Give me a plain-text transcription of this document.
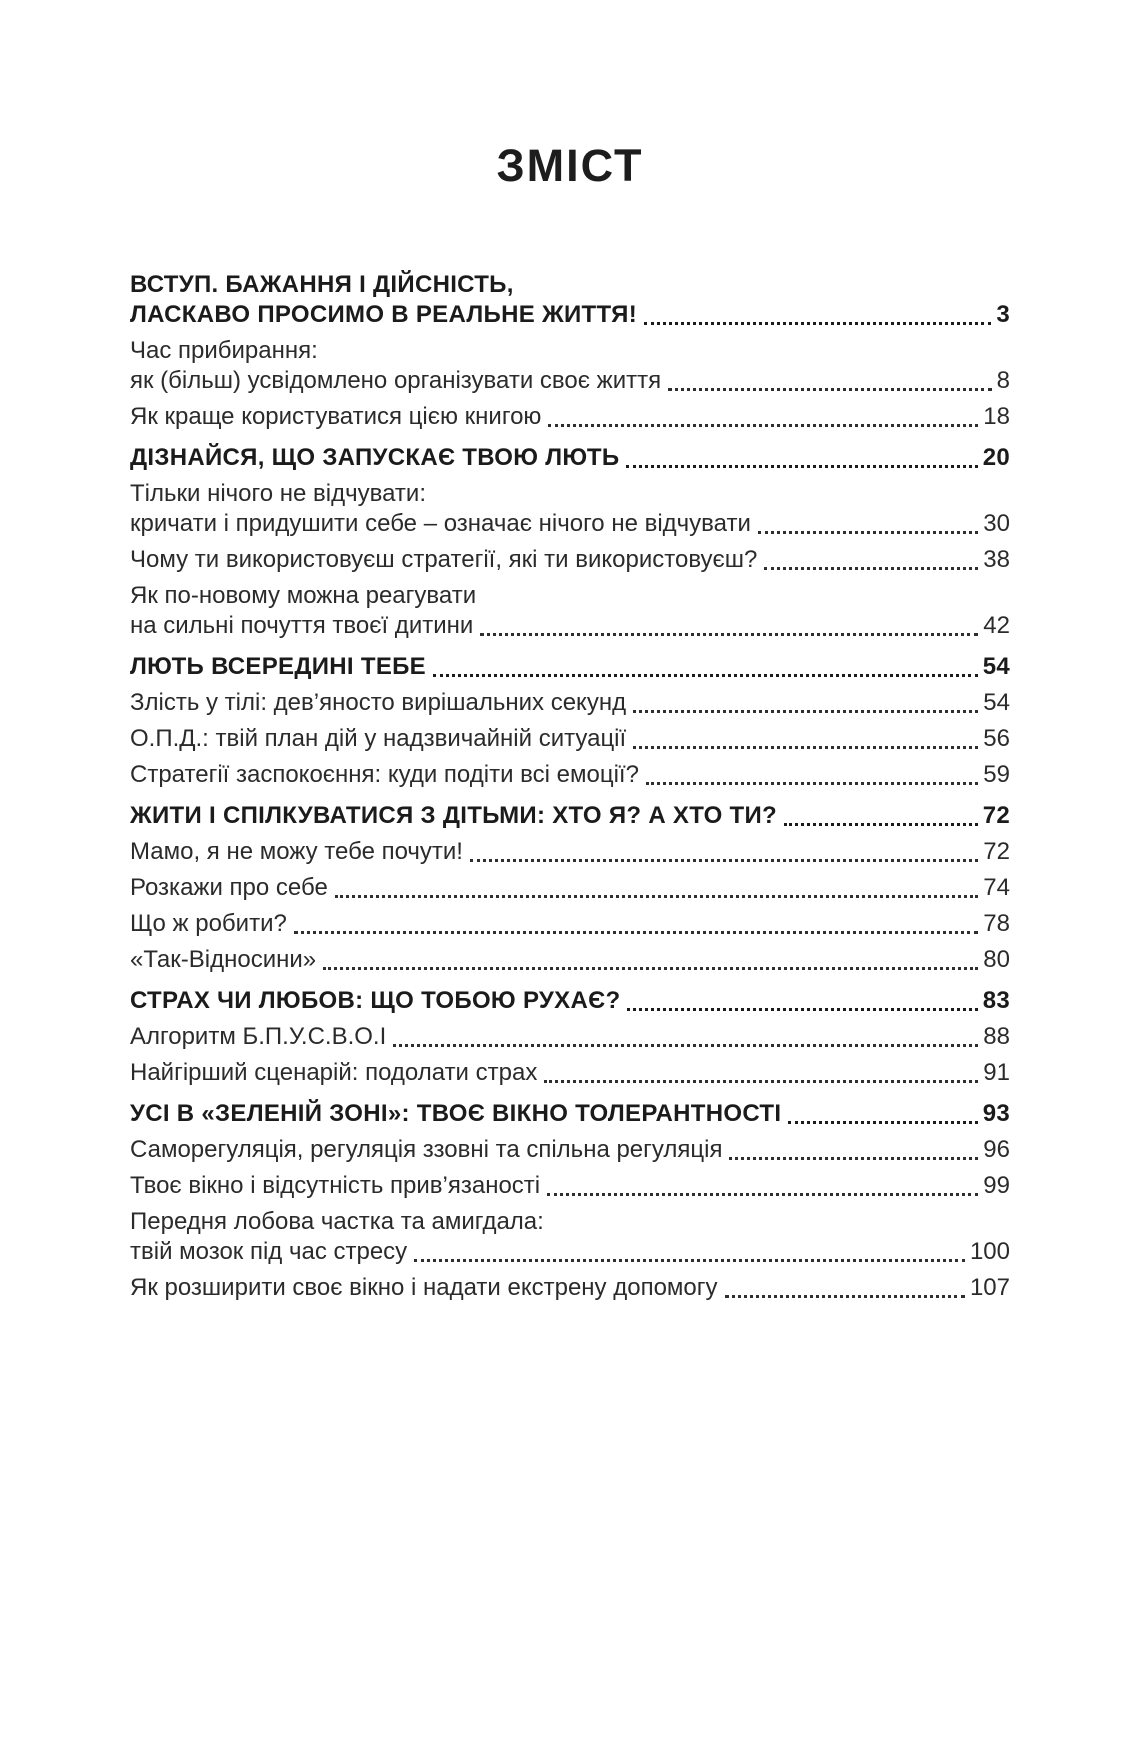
ЗМІСТ
ВСТУП. БАЖАННЯ І ДІЙСНІСТЬ,
ЛАСКАВО ПРОСИМО В РЕАЛЬНЕ ЖИТТЯ!	3
Час прибирання:
як (більш) усвідомлено організувати своє життя	8
Як краще користуватися цією книгою	18
ДІЗНАЙСЯ, ЩО ЗАПУСКАЄ ТВОЮ ЛЮТЬ	20
Тільки нічого не відчувати:
кричати і придушити себе – означає нічого не відчувати	30
Чому ти використовуєш стратегії, які ти використовуєш?	38
Як по-новому можна реагувати
на сильні почуття твоєї дитини	42
ЛЮТЬ ВСЕРЕДИНІ ТЕБЕ	54
Злість у тілі: дев’яносто вирішальних секунд	54
О.П.Д.: твій план дій у надзвичайній ситуації	56
Стратегії заспокоєння: куди подіти всі емоції?	59
ЖИТИ І СПІЛКУВАТИСЯ З ДІТЬМИ: ХТО Я? А ХТО ТИ?	72
Мамо, я не можу тебе почути!	72
Розкажи про себе	74
Що ж робити?	78
«Так-Відносини»	80
СТРАХ ЧИ ЛЮБОВ: ЩО ТОБОЮ РУХАЄ?	83
Алгоритм Б.П.У.С.В.О.І	88
Найгірший сценарій: подолати страх	91
УСІ В «ЗЕЛЕНІЙ ЗОНІ»: ТВОЄ ВІКНО ТОЛЕРАНТНОСТІ	93
Саморегуляція, регуляція ззовні та спільна регуляція	96
Твоє вікно і відсутність прив’язаності	99
Передня лобова частка та амигдала:
твій мозок під час стресу	100
Як розширити своє вікно і надати екстрену допомогу	107
